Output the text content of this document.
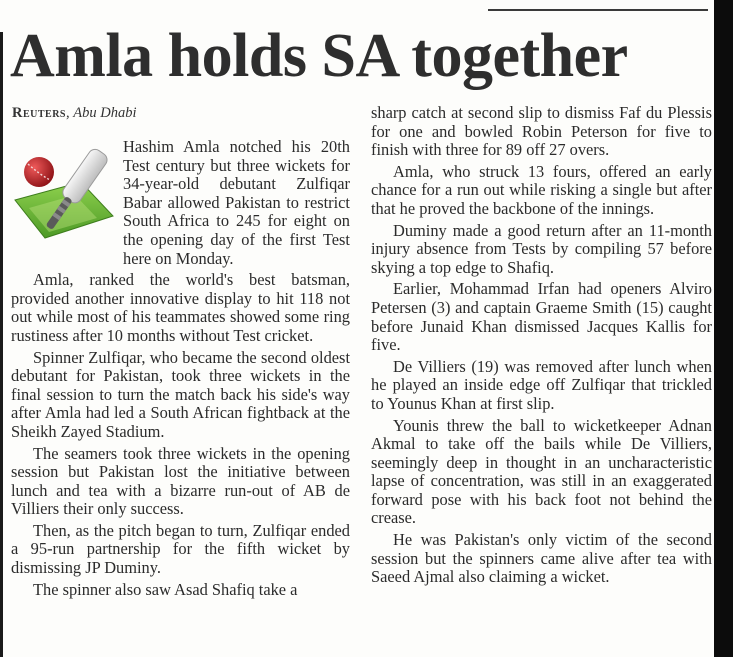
Amla holds SA together
Reuters, Abu Dhabi

Hashim Amla notched his 20th Test century but three wickets for 34-year-old debutant Zulfiqar Babar allowed Pakistan to restrict South Africa to 245 for eight on the opening day of the first Test here on Monday.

Amla, ranked the world's best batsman, provided another innovative display to hit 118 not out while most of his teammates showed some ring rustiness after 10 months without Test cricket.

Spinner Zulfiqar, who became the second oldest debutant for Pakistan, took three wickets in the final session to turn the match back his side's way after Amla had led a South African fightback at the Sheikh Zayed Stadium.

The seamers took three wickets in the opening session but Pakistan lost the initiative between lunch and tea with a bizarre run-out of AB de Villiers their only success.

Then, as the pitch began to turn, Zulfiqar ended a 95-run partnership for the fifth wicket by dismissing JP Duminy.

The spinner also saw Asad Shafiq take a

sharp catch at second slip to dismiss Faf du Plessis for one and bowled Robin Peterson for five to finish with three for 89 off 27 overs.

Amla, who struck 13 fours, offered an early chance for a run out while risking a single but after that he proved the backbone of the innings.

Duminy made a good return after an 11-month injury absence from Tests by compiling 57 before skying a top edge to Shafiq.

Earlier, Mohammad Irfan had openers Alviro Petersen (3) and captain Graeme Smith (15) caught before Junaid Khan dismissed Jacques Kallis for five.

De Villiers (19) was removed after lunch when he played an inside edge off Zulfiqar that trickled to Younus Khan at first slip.

Younis threw the ball to wicketkeeper Adnan Akmal to take off the bails while De Villiers, seemingly deep in thought in an uncharacteristic lapse of concentration, was still in an exaggerated forward pose with his back foot not behind the crease.

He was Pakistan's only victim of the second session but the spinners came alive after tea with Saeed Ajmal also claiming a wicket.
